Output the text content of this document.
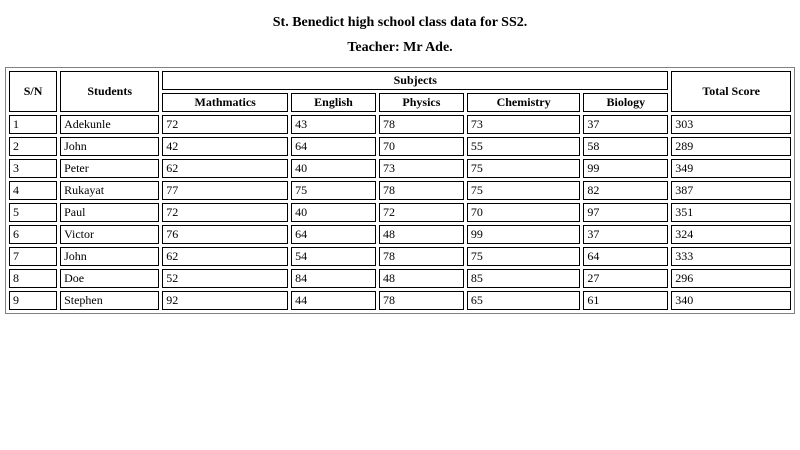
St. Benedict high school class data for SS2.
Teacher: Mr Ade.
S/N	Students	Subjects					Total Score
		Mathmatics	English	Physics	Chemistry	Biology	
1	Adekunle	72	43	78	73	37	303
2	John	42	64	70	55	58	289
3	Peter	62	40	73	75	99	349
4	Rukayat	77	75	78	75	82	387
5	Paul	72	40	72	70	97	351
6	Victor	76	64	48	99	37	324
7	John	62	54	78	75	64	333
8	Doe	52	84	48	85	27	296
9	Stephen	92	44	78	65	61	340
